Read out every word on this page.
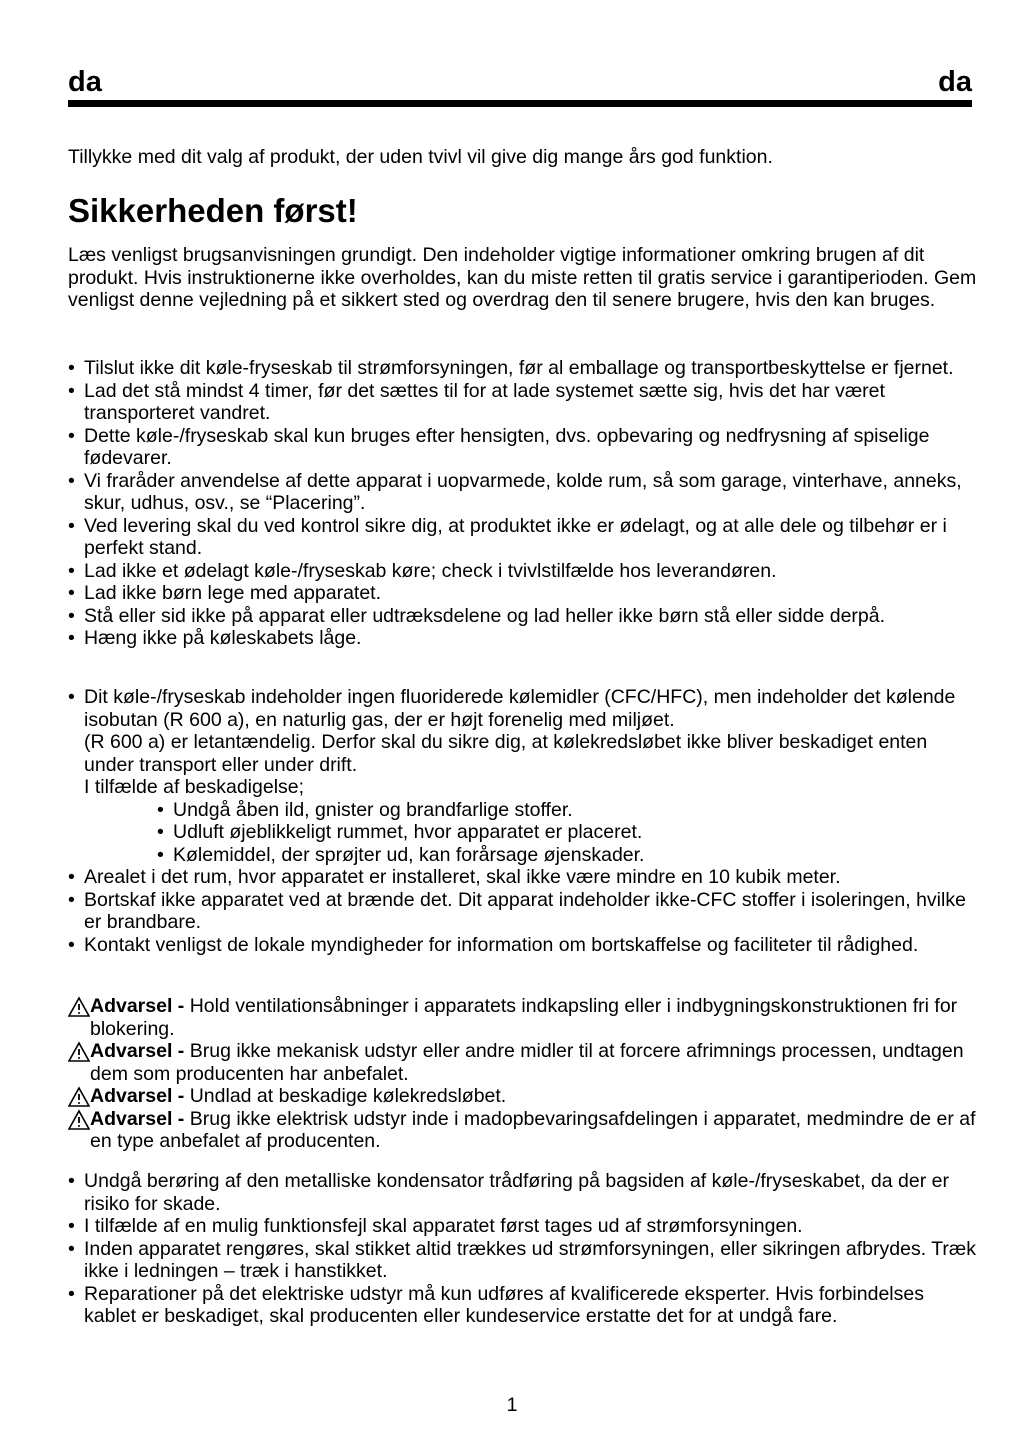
da	da

Tillykke med dit valg af produkt, der uden tvivl vil give dig mange års god funktion.

Sikkerheden først!

Læs venligst brugsanvisningen grundigt. Den indeholder vigtige informationer omkring brugen af dit produkt. Hvis instruktionerne ikke overholdes, kan du miste retten til gratis service i garantiperioden. Gem venligst denne vejledning på et sikkert sted og overdrag den til senere brugere, hvis den kan bruges.

• Tilslut ikke dit køle-fryseskab til strømforsyningen, før al emballage og transportbeskyttelse er fjernet.
• Lad det stå mindst 4 timer, før det sættes til for at lade systemet sætte sig, hvis det har været transporteret vandret.
• Dette køle-/fryseskab skal kun bruges efter hensigten, dvs. opbevaring og nedfrysning af spiselige fødevarer.
• Vi fraråder anvendelse af dette apparat i uopvarmede, kolde rum, så som garage, vinterhave, anneks, skur, udhus, osv., se “Placering”.
• Ved levering skal du ved kontrol sikre dig, at produktet ikke er ødelagt, og at alle dele og tilbehør er i perfekt stand.
• Lad ikke et ødelagt køle-/fryseskab køre; check i tvivlstilfælde hos leverandøren.
• Lad ikke børn lege med apparatet.
• Stå eller sid ikke på apparat eller udtræksdelene og lad heller ikke børn stå eller sidde derpå.
• Hæng ikke på køleskabets låge.
• Dit køle-/fryseskab indeholder ingen fluoriderede kølemidler (CFC/HFC), men indeholder det kølende isobutan (R 600 a), en naturlig gas, der er højt forenelig med miljøet.
(R 600 a) er letantændelig. Derfor skal du sikre dig, at kølekredsløbet ikke bliver beskadiget enten under transport eller under drift.
I tilfælde af beskadigelse;
• Undgå åben ild, gnister og brandfarlige stoffer.
• Udluft øjeblikkeligt rummet, hvor apparatet er placeret.
• Kølemiddel, der sprøjter ud, kan forårsage øjenskader.
• Arealet i det rum, hvor apparatet er installeret, skal ikke være mindre en 10 kubik meter.
• Bortskaf ikke apparatet ved at brænde det. Dit apparat indeholder ikke-CFC stoffer i isoleringen, hvilke er brandbare.
• Kontakt venligst de lokale myndigheder for information om bortskaffelse og faciliteter til rådighed.
Advarsel - Hold ventilationsåbninger i apparatets indkapsling eller i indbygningskonstruktionen fri for blokering.
Advarsel - Brug ikke mekanisk udstyr eller andre midler til at forcere afrimnings processen, undtagen dem som producenten har anbefalet.
Advarsel - Undlad at beskadige kølekredsløbet.
Advarsel - Brug ikke elektrisk udstyr inde i madopbevaringsafdelingen i apparatet, medmindre de er af en type anbefalet af producenten.
• Undgå berøring af den metalliske kondensator trådføring på bagsiden af køle-/fryseskabet, da der er risiko for skade.
• I tilfælde af en mulig funktionsfejl skal apparatet først tages ud af strømforsyningen.
• Inden apparatet rengøres, skal stikket altid trækkes ud strømforsyningen, eller sikringen afbrydes. Træk ikke i ledningen – træk i hanstikket.
• Reparationer på det elektriske udstyr må kun udføres af kvalificerede eksperter. Hvis forbindelses kablet er beskadiget, skal producenten eller kundeservice erstatte det for at undgå fare.
1
